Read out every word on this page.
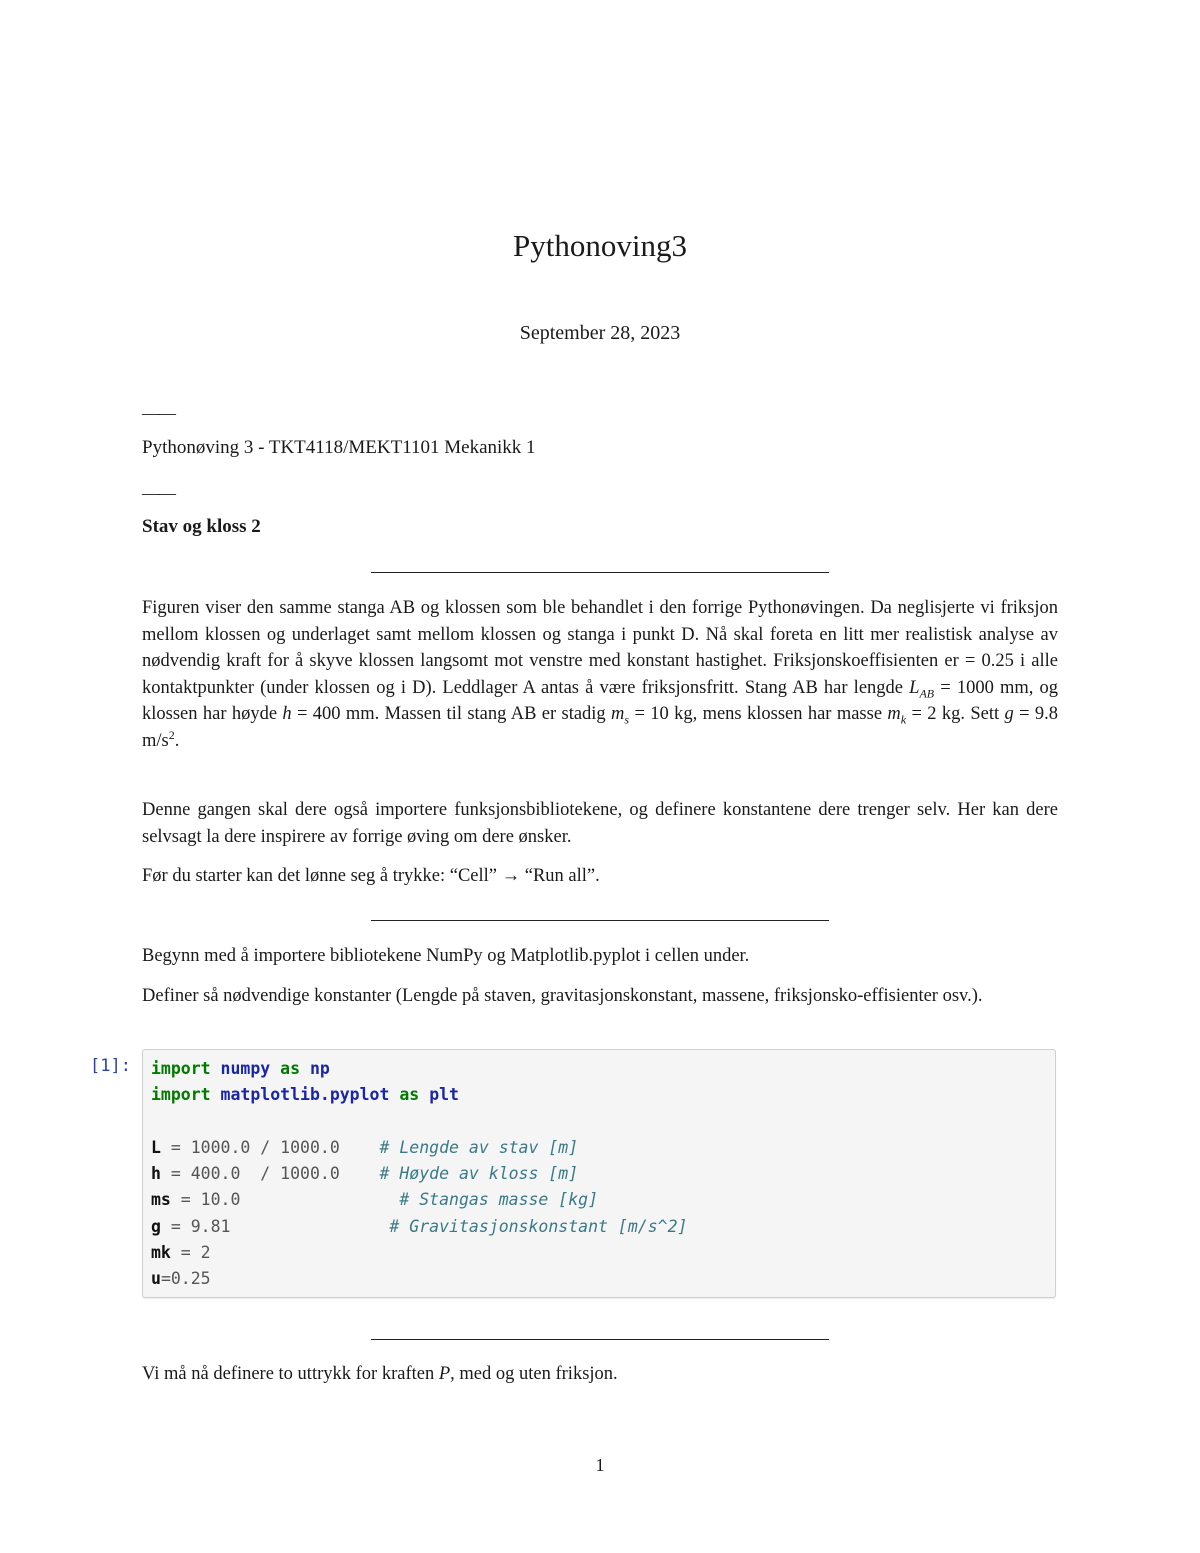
Pythonoving3
September 28, 2023
——
Pythonøving 3 - TKT4118/MEKT1101 Mekanikk 1
——
Stav og kloss 2

Figuren viser den samme stanga AB og klossen som ble behandlet i den forrige Pythonøvingen. Da neglisjerte vi friksjon mellom klossen og underlaget samt mellom klossen og stanga i punkt D. Nå skal foreta en litt mer realistisk analyse av nødvendig kraft for å skyve klossen langsomt mot venstre med konstant hastighet. Friksjonskoeffisienten er = 0.25 i alle kontaktpunkter (under klossen og i D). Leddlager A antas å være friksjonsfritt. Stang AB har lengde $L_{AB} = 1000$ mm, og klossen har høyde h = 400 mm. Massen til stang AB er stadig $m_s = 10$ kg, mens klossen har masse $m_k = 2$ kg. Sett g = 9.8 $m/s^2$.

Denne gangen skal dere også importere funksjonsbibliotekene, og definere konstantene dere trenger selv. Her kan dere selvsagt la dere inspirere av forrige øving om dere ønsker.

Før du starter kan det lønne seg å trykke: “Cell” → “Run all”.

Begynn med å importere bibliotekene NumPy og Matplotlib.pyplot i cellen under.

Definer så nødvendige konstanter (Lengde på staven, gravitasjonskonstant, massene, friksjonsko-effisienter osv.).

[1]:	import numpy as np
import matplotlib.pyplot as plt

L = 1000.0 / 1000.0    # Lengde av stav [m]
h = 400.0  / 1000.0    # Høyde av kloss [m]
ms = 10.0                # Stangas masse [kg]
g = 9.81                # Gravitasjonskonstant [m/s^2]
mk = 2
u=0.25

Vi må nå definere to uttrykk for kraften P, med og uten friksjon.

1
